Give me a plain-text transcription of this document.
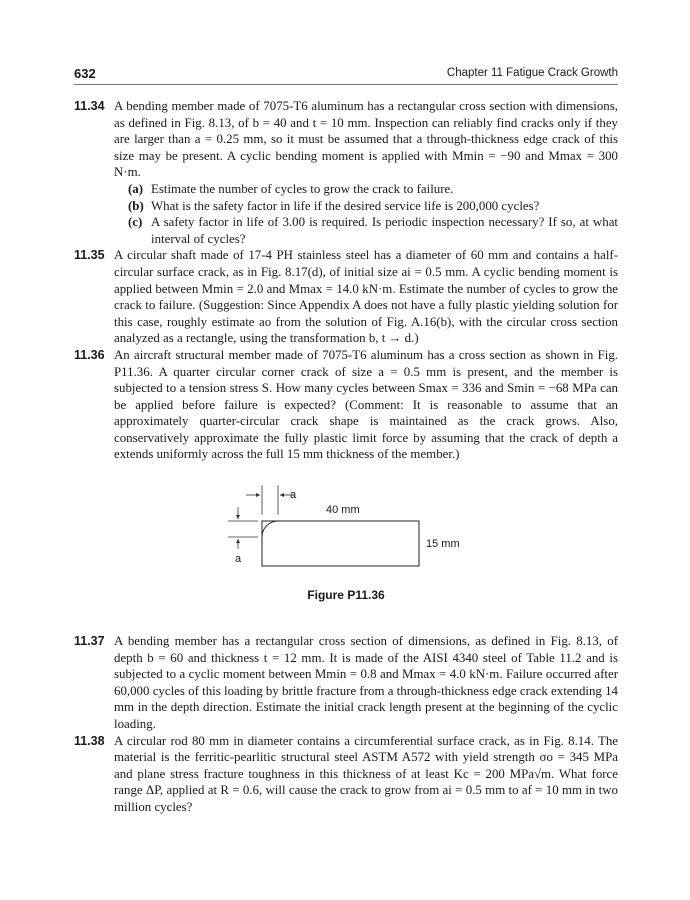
632	Chapter 11 Fatigue Crack Growth
11.34 A bending member made of 7075-T6 aluminum has a rectangular cross section with dimensions, as defined in Fig. 8.13, of b = 40 and t = 10 mm. Inspection can reliably find cracks only if they are larger than a = 0.25 mm, so it must be assumed that a through-thickness edge crack of this size may be present. A cyclic bending moment is applied with Mmin = −90 and Mmax = 300 N·m.
(a) Estimate the number of cycles to grow the crack to failure.
(b) What is the safety factor in life if the desired service life is 200,000 cycles?
(c) A safety factor in life of 3.00 is required. Is periodic inspection necessary? If so, at what interval of cycles?
11.35 A circular shaft made of 17-4 PH stainless steel has a diameter of 60 mm and contains a half-circular surface crack, as in Fig. 8.17(d), of initial size ai = 0.5 mm. A cyclic bending moment is applied between Mmin = 2.0 and Mmax = 14.0 kN·m. Estimate the number of cycles to grow the crack to failure. (Suggestion: Since Appendix A does not have a fully plastic yielding solution for this case, roughly estimate ao from the solution of Fig. A.16(b), with the circular cross section analyzed as a rectangle, using the transformation b, t → d.)
11.36 An aircraft structural member made of 7075-T6 aluminum has a cross section as shown in Fig. P11.36. A quarter circular corner crack of size a = 0.5 mm is present, and the member is subjected to a tension stress S. How many cycles between Smax = 336 and Smin = −68 MPa can be applied before failure is expected? (Comment: It is reasonable to assume that an approximately quarter-circular crack shape is maintained as the crack grows. Also, conservatively approximate the fully plastic limit force by assuming that the crack of depth a extends uniformly across the full 15 mm thickness of the member.)
a
a
40 mm
15 mm
Figure P11.36
11.37 A bending member has a rectangular cross section of dimensions, as defined in Fig. 8.13, of depth b = 60 and thickness t = 12 mm. It is made of the AISI 4340 steel of Table 11.2 and is subjected to a cyclic moment between Mmin = 0.8 and Mmax = 4.0 kN·m. Failure occurred after 60,000 cycles of this loading by brittle fracture from a through-thickness edge crack extending 14 mm in the depth direction. Estimate the initial crack length present at the beginning of the cyclic loading.
11.38 A circular rod 80 mm in diameter contains a circumferential surface crack, as in Fig. 8.14. The material is the ferritic-pearlitic structural steel ASTM A572 with yield strength σo = 345 MPa and plane stress fracture toughness in this thickness of at least Kc = 200 MPa√m. What force range ΔP, applied at R = 0.6, will cause the crack to grow from ai = 0.5 mm to af = 10 mm in two million cycles?
